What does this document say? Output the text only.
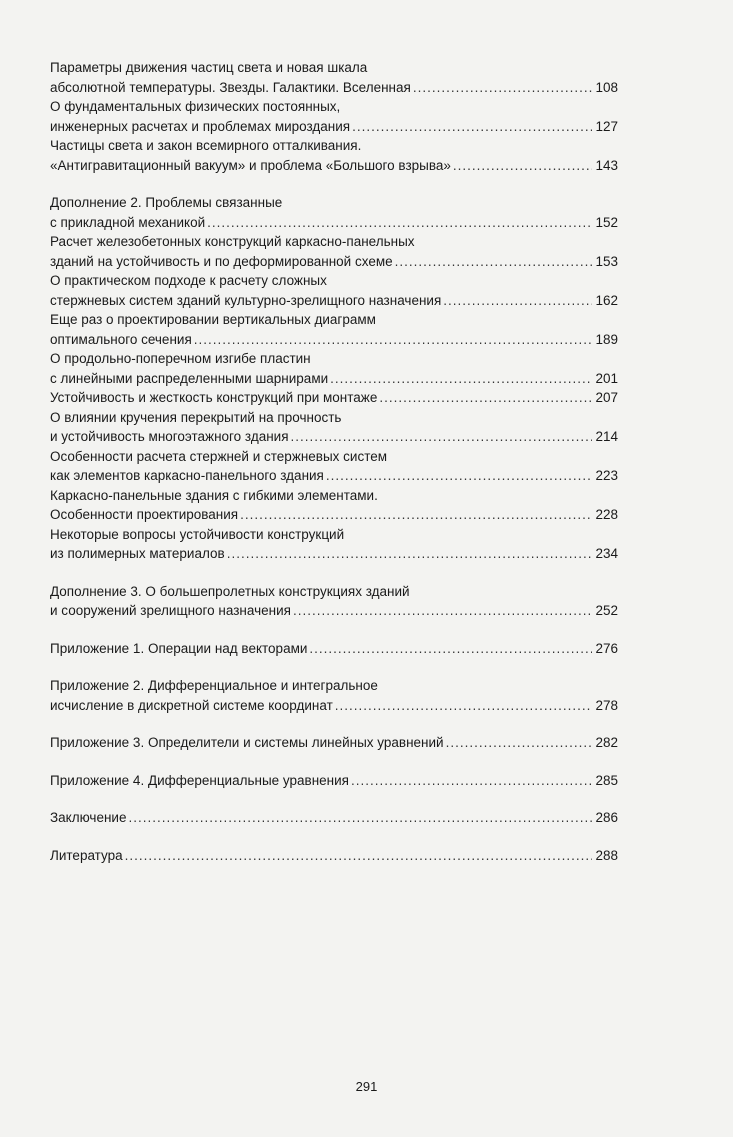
Параметры движения частиц света и новая шкала
абсолютной температуры. Звезды. Галактики. Вселенная .....	108
О фундаментальных физических постоянных,
инженерных расчетах и проблемах мироздания .....	127
Частицы света и закон всемирного отталкивания.
«Антигравитационный вакуум» и проблема «Большого взрыва» .....	143
Дополнение 2. Проблемы связанные
с прикладной механикой .....	152
Расчет железобетонных конструкций каркасно-панельных
зданий на устойчивость и по деформированной схеме .....	153
О практическом подходе к расчету сложных
стержневых систем зданий культурно-зрелищного назначения .....	162
Еще раз о проектировании вертикальных диаграмм
оптимального сечения .....	189
О продольно-поперечном изгибе пластин
с линейными распределенными шарнирами .....	201
Устойчивость и жесткость конструкций при монтаже .....	207
О влиянии кручения перекрытий на прочность
и устойчивость многоэтажного здания .....	214
Особенности расчета стержней и стержневых систем
как элементов каркасно-панельного здания .....	223
Каркасно-панельные здания с гибкими элементами.
Особенности проектирования .....	228
Некоторые вопросы устойчивости конструкций
из полимерных материалов .....	234
Дополнение 3. О большепролетных конструкциях зданий
и сооружений зрелищного назначения .....	252
Приложение 1. Операции над векторами .....	276
Приложение 2. Дифференциальное и интегральное
исчисление в дискретной системе координат .....	278
Приложение 3. Определители и системы линейных уравнений .....	282
Приложение 4. Дифференциальные уравнения .....	285
Заключение .....	286
Литература .....	288
291
